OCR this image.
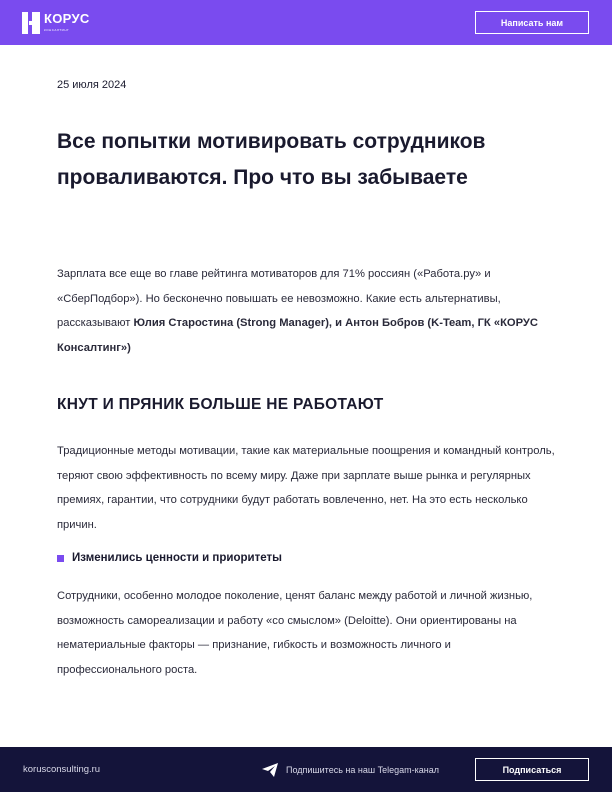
КОРУС
КОНСАЛТИНГ
Написать нам
25 июля 2024
Все попытки мотивировать сотрудников проваливаются. Про что вы забываете
Зарплата все еще во главе рейтинга мотиваторов для 71% россиян («Работа.ру» и «СберПодбор»). Но бесконечно повышать ее невозможно. Какие есть альтернативы, рассказывают Юлия Старостина (Strong Manager), и Антон Бобров (K-Team, ГК «КОРУС Консалтинг»)
КНУТ И ПРЯНИК БОЛЬШЕ НЕ РАБОТАЮТ
Традиционные методы мотивации, такие как материальные поощрения и командный контроль, теряют свою эффективность по всему миру. Даже при зарплате выше рынка и регулярных премиях, гарантии, что сотрудники будут работать вовлеченно, нет. На это есть несколько причин.
Изменились ценности и приоритеты
Сотрудники, особенно молодое поколение, ценят баланс между работой и личной жизнью, возможность самореализации и работу «со смыслом» (Deloitte). Они ориентированы на нематериальные факторы — признание, гибкость и возможность личного и профессионального роста.
korusconsulting.ru	Подпишитесь на наш Telegam-канал	Подписаться
